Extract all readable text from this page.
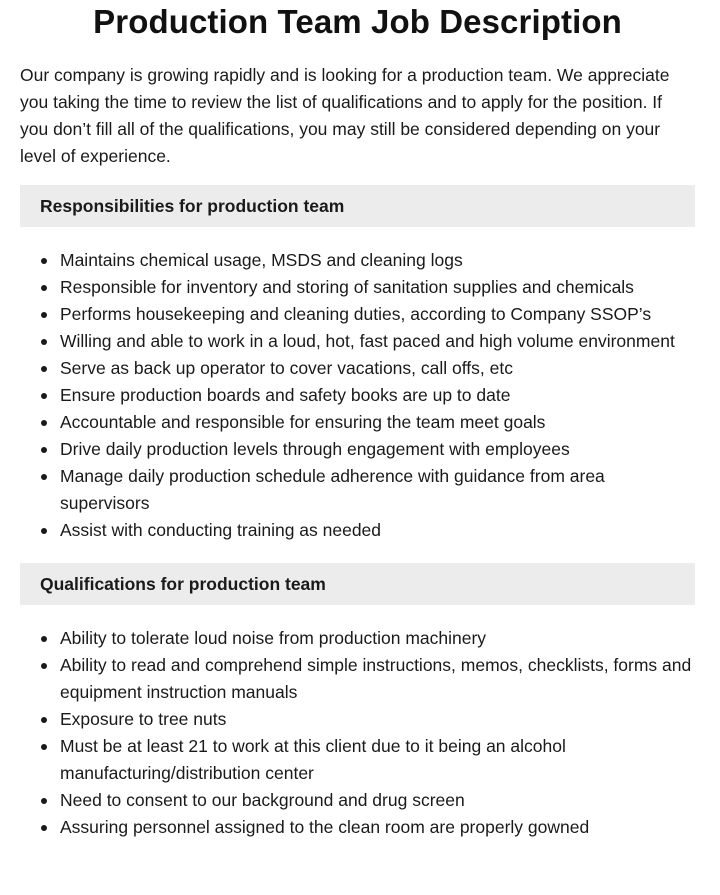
Production Team Job Description

Our company is growing rapidly and is looking for a production team. We appreciate you taking the time to review the list of qualifications and to apply for the position. If you don’t fill all of the qualifications, you may still be considered depending on your level of experience.

Responsibilities for production team
Maintains chemical usage, MSDS and cleaning logs
Responsible for inventory and storing of sanitation supplies and chemicals
Performs housekeeping and cleaning duties, according to Company SSOP’s
Willing and able to work in a loud, hot, fast paced and high volume environment
Serve as back up operator to cover vacations, call offs, etc
Ensure production boards and safety books are up to date
Accountable and responsible for ensuring the team meet goals
Drive daily production levels through engagement with employees
Manage daily production schedule adherence with guidance from area supervisors
Assist with conducting training as needed
Qualifications for production team
Ability to tolerate loud noise from production machinery
Ability to read and comprehend simple instructions, memos, checklists, forms and equipment instruction manuals
Exposure to tree nuts
Must be at least 21 to work at this client due to it being an alcohol manufacturing/distribution center
Need to consent to our background and drug screen
Assuring personnel assigned to the clean room are properly gowned
